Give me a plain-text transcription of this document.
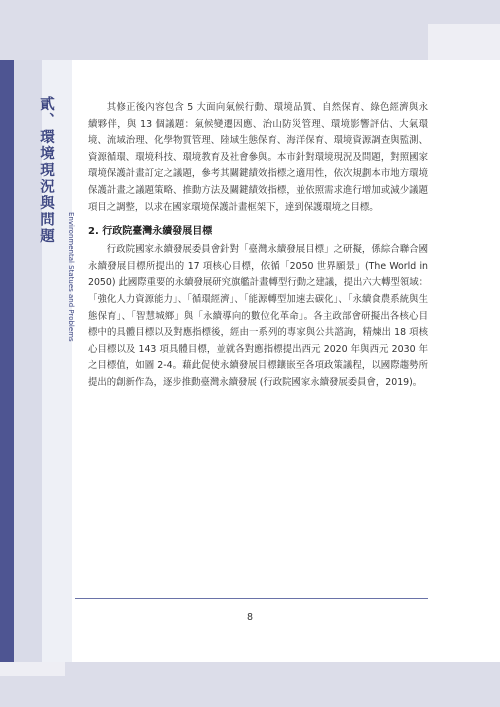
貳、環境現況與問題
Environmental Statues and Problems

其修正後內容包含 5 大面向氣候行動、環境品質、自然保育、綠色經濟與永續夥伴，與 13 個議題：氣候變遷因應、治山防災管理、環境影響評估、大氣環境、流域治理、化學物質管理、陸域生態保育、海洋保育、環境資源調查與監測、資源循環、環境科技、環境教育及社會參與。本市針對環境現況及問題，對照國家環境保護計畫訂定之議題，參考其關鍵績效指標之適用性，依次規劃本市地方環境保護計畫之議題策略、推動方法及關鍵績效指標，並依照需求進行增加或減少議題項目之調整，以求在國家環境保護計畫框架下，達到保護環境之目標。

2. 行政院臺灣永續發展目標

行政院國家永續發展委員會針對「臺灣永續發展目標」之研擬，係綜合聯合國永續發展目標所提出的 17 項核心目標，依循「2050 世界願景」(The World in 2050) 此國際重要的永續發展研究旗艦計畫轉型行動之建議，提出六大轉型領域：「強化人力資源能力」、「循環經濟」、「能源轉型加速去碳化」、「永續食農系統與生態保育」、「智慧城鄉」與「永續導向的數位化革命」。各主政部會研擬出各核心目標中的具體目標以及對應指標後，經由一系列的專家與公共諮詢，精煉出 18 項核心目標以及 143 項具體目標，並就各對應指標提出西元 2020 年與西元 2030 年之目標值，如圖 2-4。藉此促使永續發展目標鑲嵌至各項政策議程，以國際趨勢所提出的創新作為，逐步推動臺灣永續發展 (行政院國家永續發展委員會，2019)。

8
